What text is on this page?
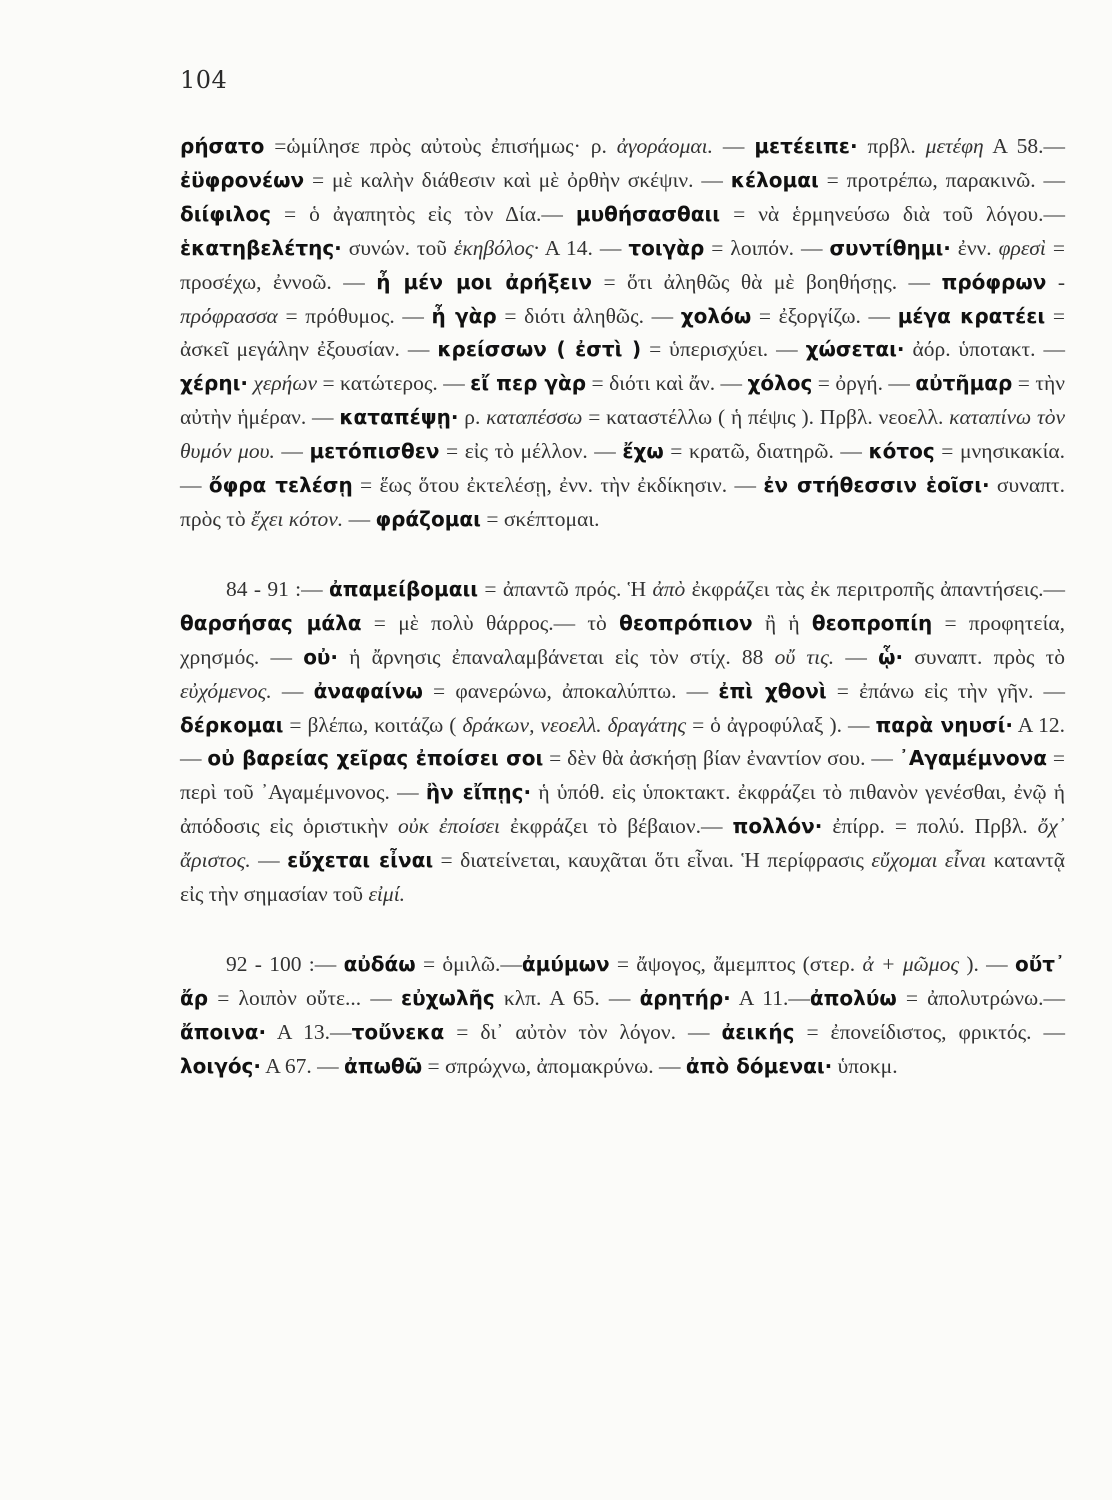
104

ρήσατο =ὡμίλησε πρὸς αὐτοὺς ἐπισήμως· ρ. ἀγοράομαι. — μετέειπε· πρβλ. μετέφη Α 58.— ἐϋφρονέων = μὲ καλὴν διάθεσιν καὶ μὲ ὀρθὴν σκέψιν. — κέλομαι = προτρέπω, παρακινῶ. — διίφιλος = ὁ ἀγαπητὸς εἰς τὸν Δία.— μυθήσασθαιι = νὰ ἑρμηνεύσω διὰ τοῦ λόγου.— ἑκατηβελέτης· συνών. τοῦ ἑκηβόλος· Α 14. — τοιγὰρ = λοιπόν. — συντίθημι· ἐνν. φρεσὶ = προσέχω, ἐννοῶ. — ἦ μέν μοι ἀρήξειν = ὅτι ἀληθῶς θὰ μὲ βοηθήσῃς. — πρόφρων - πρόφρασσα = πρόθυμος. — ἦ γὰρ = διότι ἀληθῶς. — χολόω = ἐξοργίζω. — μέγα κρατέει = ἀσκεῖ μεγάλην ἐξουσίαν. — κρείσσων ( ἐστὶ ) = ὑπερισχύει. — χώσεται· ἀόρ. ὑποτακτ. — χέρηι· χερήων = κατώτερος. — εἴ περ γὰρ = διότι καὶ ἄν. — χόλος = ὀργή. — αὐτῆμαρ = τὴν αὐτὴν ἡμέραν. — καταπέψῃ· ρ. καταπέσσω = καταστέλλω ( ἡ πέψις ). Πρβλ. νεοελλ. καταπίνω τὸν θυμόν μου. — μετόπισθεν = εἰς τὸ μέλλον. — ἔχω = κρατῶ, διατηρῶ. — κότος = μνησικακία. — ὄφρα τελέσῃ = ἕως ὅτου ἐκτελέσῃ, ἐνν. τὴν ἐκδίκησιν. — ἐν στήθεσσιν ἑοῖσι· συναπτ. πρὸς τὸ ἔχει κότον. — φράζομαι = σκέπτομαι.

84 - 91 :— ἀπαμείβομαιι = ἀπαντῶ πρός. Ἡ ἀπὸ ἐκφράζει τὰς ἐκ περιτροπῆς ἀπαντήσεις.—θαρσήσας μάλα = μὲ πολὺ θάρρος.— τὸ θεοπρόπιον ἢ ἡ θεοπροπίη = προφητεία, χρησμός. — οὐ· ἡ ἄρνησις ἐπαναλαμβάνεται εἰς τὸν στίχ. 88 οὔ τις. — ᾧ· συναπτ. πρὸς τὸ εὐχόμενος. — ἀναφαίνω = φανερώνω, ἀποκαλύπτω. — ἐπὶ χθονὶ = ἐπάνω εἰς τὴν γῆν. — δέρκομαι = βλέπω, κοιτάζω ( δράκων, νεοελλ. δραγάτης = ὁ ἀγροφύλαξ ). — παρὰ νηυσί· Α 12. — οὐ βαρείας χεῖρας ἐποίσει σοι = δὲν θὰ ἀσκήσῃ βίαν ἐναντίον σου. — ᾿Αγαμέμνονα = περὶ τοῦ ᾿Αγαμέμνονος. — ἢν εἴπῃς· ἡ ὑπόθ. εἰς ὑποκτακτ. ἐκφράζει τὸ πιθανὸν γενέσθαι, ἐνῷ ἡ ἀπόδοσις εἰς ὁριστικὴν οὐκ ἐποίσει ἐκφράζει τὸ βέβαιον.— πολλόν· ἐπίρρ. = πολύ. Πρβλ. ὄχ᾿ ἄριστος. — εὔχεται εἶναι = διατείνεται, καυχᾶται ὅτι εἶναι. Ἡ περίφρασις εὔχομαι εἶναι καταντᾷ εἰς τὴν σημασίαν τοῦ εἰμί.

92 - 100 :— αὐδάω = ὁμιλῶ.—ἀμύμων = ἄψογος, ἄμεμπτος (στερ. ἀ + μῶμος ). — οὔτ᾿ ἄρ = λοιπὸν οὔτε... — εὐχωλῆς κλπ. Α 65. — ἀρητήρ· Α 11.—ἀπολύω = ἀπολυτρώνω.—ἄποινα· Α 13.—τοὔνεκα = δι᾿ αὐτὸν τὸν λόγον. — ἀεικής = ἐπονείδιστος, φρικτός. — λοιγός· Α 67. — ἀπωθῶ = σπρώχνω, ἀπομακρύνω. — ἀπὸ δόμεναι· ὑποκμ.
